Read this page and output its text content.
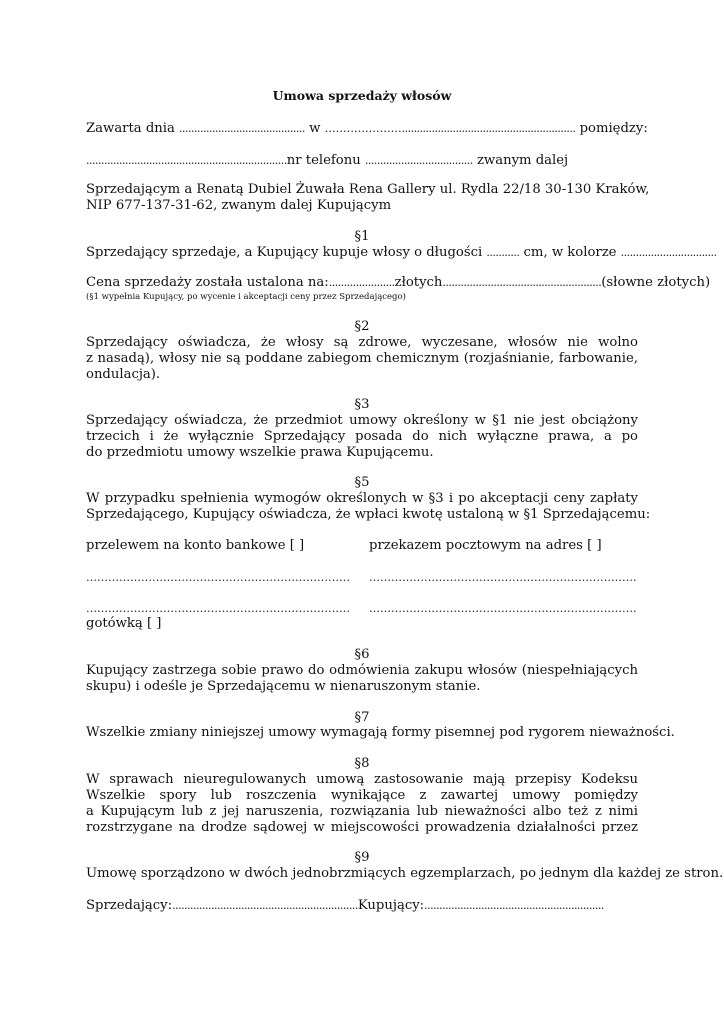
Umowa sprzedaży włosów
Zawarta dnia .......................................... w ………………….......................................................... pomiędzy:
...................................................................nr telefonu .................................... zwanym dalej
Sprzedającym a Renatą Dubiel Żuwała Rena Gallery ul. Rydla 22/18 30-130 Kraków,
NIP 677-137-31-62, zwanym dalej Kupującym
§1
Sprzedający sprzedaje, a Kupujący kupuje włosy o długości ........... cm, w kolorze ................................
Cena sprzedaży została ustalona na:......................złotych.....................................................(słowne złotych)
(§1 wypełnia Kupujący, po wycenie i akceptacji ceny przez Sprzedającego)
§2
Sprzedający oświadcza, że włosy są zdrowe, wyczesane, włosów nie wolno
z nasadą), włosy nie są poddane zabiegom chemicznym (rozjaśnianie, farbowanie,
ondulacja).
§3
Sprzedający oświadcza, że przedmiot umowy określony w §1 nie jest obciążony
trzecich i że wyłącznie Sprzedający posada do nich wyłączne prawa, a po
do przedmiotu umowy wszelkie prawa Kupującemu.
§5
W przypadku spełnienia wymogów określonych w §3 i po akceptacji ceny zapłaty
Sprzedającego, Kupujący oświadcza, że wpłaci kwotę ustaloną w §1 Sprzedającemu:
przelewem na konto bankowe [ ]	przekazem pocztowym na adres [ ]
……………………………………………………………… ……………………………………………………………….
……………………………………………………………… ……………………………………………………………….
gotówką [ ]
§6
Kupujący zastrzega sobie prawo do odmówienia zakupu włosów (niespełniających
skupu) i odeśle je Sprzedającemu w nienaruszonym stanie.
§7
Wszelkie zmiany niniejszej umowy wymagają formy pisemnej pod rygorem nieważności.
§8
W sprawach nieuregulowanych umową zastosowanie mają przepisy Kodeksu
Wszelkie spory lub roszczenia wynikające z zawartej umowy pomiędzy
a Kupującym lub z jej naruszenia, rozwiązania lub nieważności albo też z nimi
rozstrzygane na drodze sądowej w miejscowości prowadzenia działalności przez
§9
Umowę sporządzono w dwóch jednobrzmiących egzemplarzach, po jednym dla każdej ze stron.
Sprzedający:..............................................................Kupujący:............................................................
